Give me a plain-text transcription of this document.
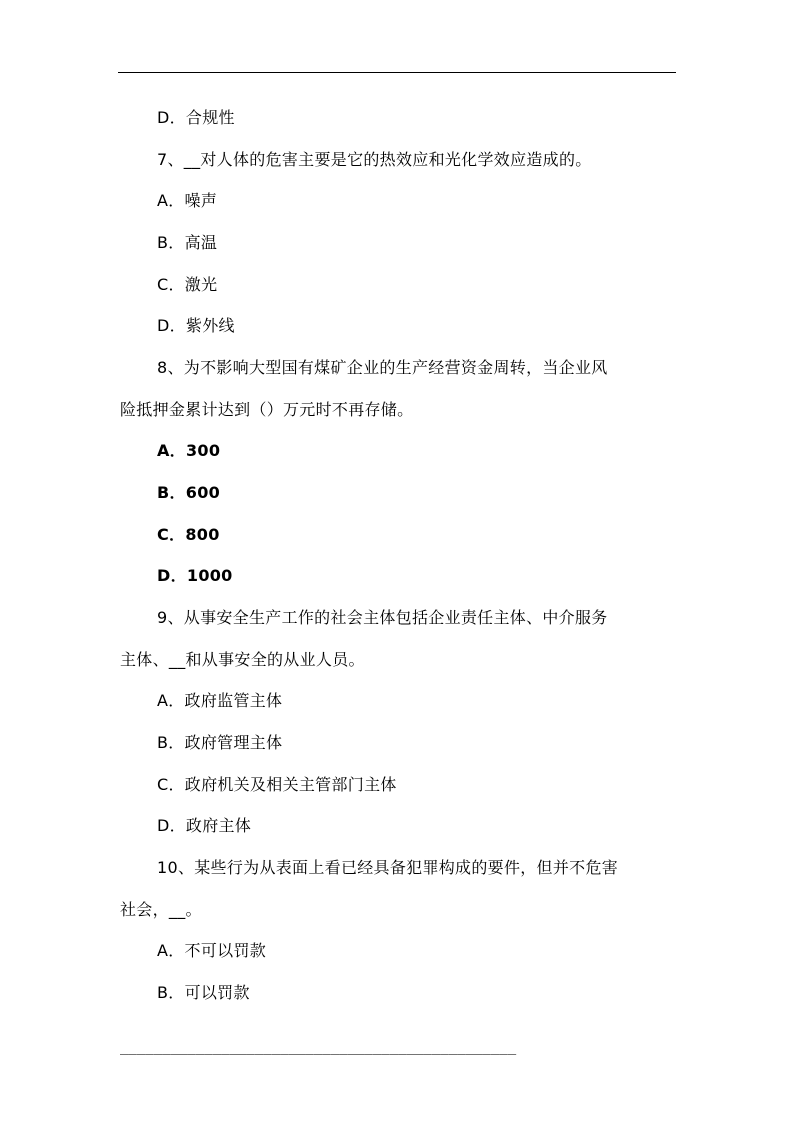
D．合规性
7、__对人体的危害主要是它的热效应和光化学效应造成的。
A．噪声
B．高温
C．激光
D．紫外线
8、为不影响大型国有煤矿企业的生产经营资金周转，当企业风
险抵押金累计达到（）万元时不再存储。
A．300
B．600
C．800
D．1000
9、从事安全生产工作的社会主体包括企业责任主体、中介服务
主体、__和从事安全的从业人员。
A．政府监管主体
B．政府管理主体
C．政府机关及相关主管部门主体
D．政府主体
10、某些行为从表面上看已经具备犯罪构成的要件，但并不危害
社会，__。
A．不可以罚款
B．可以罚款
_______________________________________________
